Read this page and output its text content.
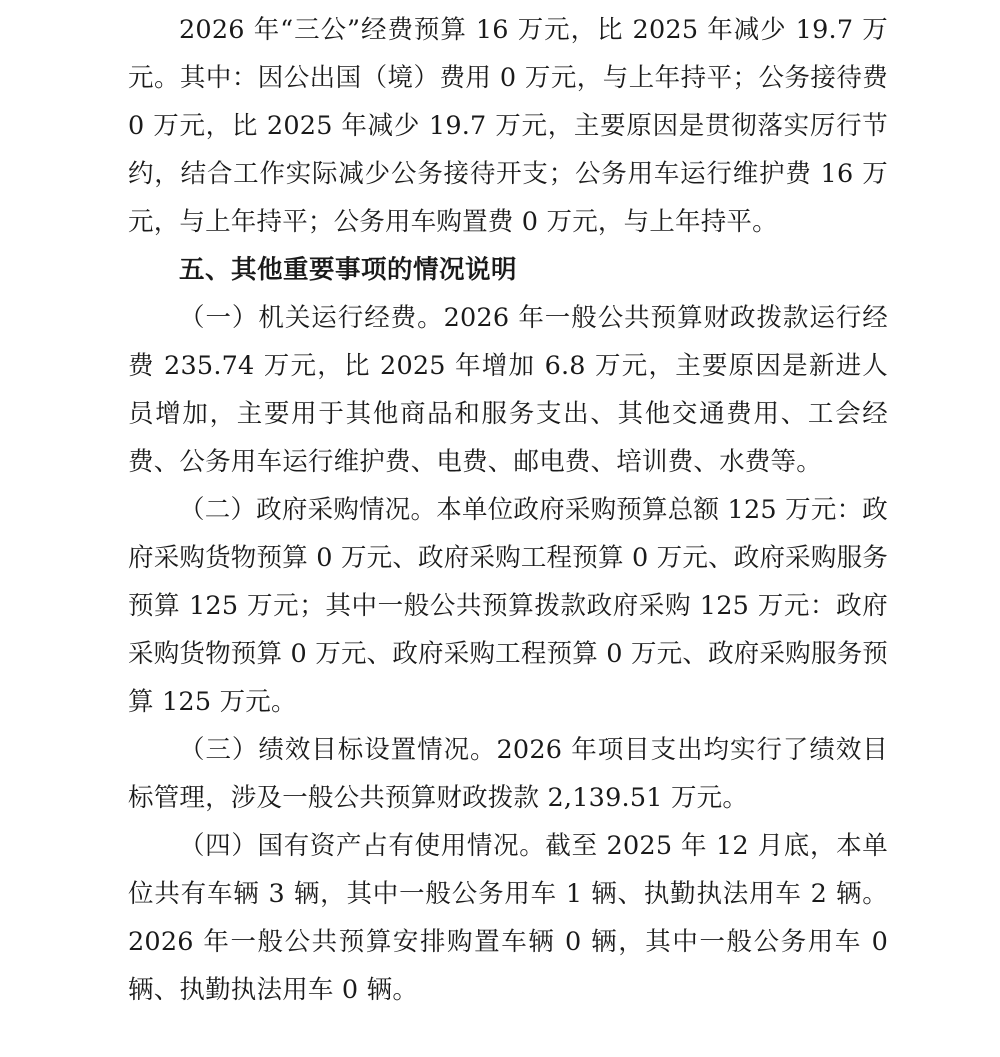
2026 年“三公”经费预算 16 万元，比 2025 年减少 19.7 万元。其中：因公出国（境）费用 0 万元，与上年持平；公务接待费 0 万元，比 2025 年减少 19.7 万元，主要原因是贯彻落实厉行节约，结合工作实际减少公务接待开支；公务用车运行维护费 16 万元，与上年持平；公务用车购置费 0 万元，与上年持平。

五、其他重要事项的情况说明

（一）机关运行经费。2026 年一般公共预算财政拨款运行经费 235.74 万元，比 2025 年增加 6.8 万元，主要原因是新进人员增加，主要用于其他商品和服务支出、其他交通费用、工会经费、公务用车运行维护费、电费、邮电费、培训费、水费等。

（二）政府采购情况。本单位政府采购预算总额 125 万元：政府采购货物预算 0 万元、政府采购工程预算 0 万元、政府采购服务预算 125 万元；其中一般公共预算拨款政府采购 125 万元：政府采购货物预算 0 万元、政府采购工程预算 0 万元、政府采购服务预算 125 万元。

（三）绩效目标设置情况。2026 年项目支出均实行了绩效目标管理，涉及一般公共预算财政拨款 2,139.51 万元。

（四）国有资产占有使用情况。截至 2025 年 12 月底，本单位共有车辆 3 辆，其中一般公务用车 1 辆、执勤执法用车 2 辆。2026 年一般公共预算安排购置车辆 0 辆，其中一般公务用车 0 辆、执勤执法用车 0 辆。
